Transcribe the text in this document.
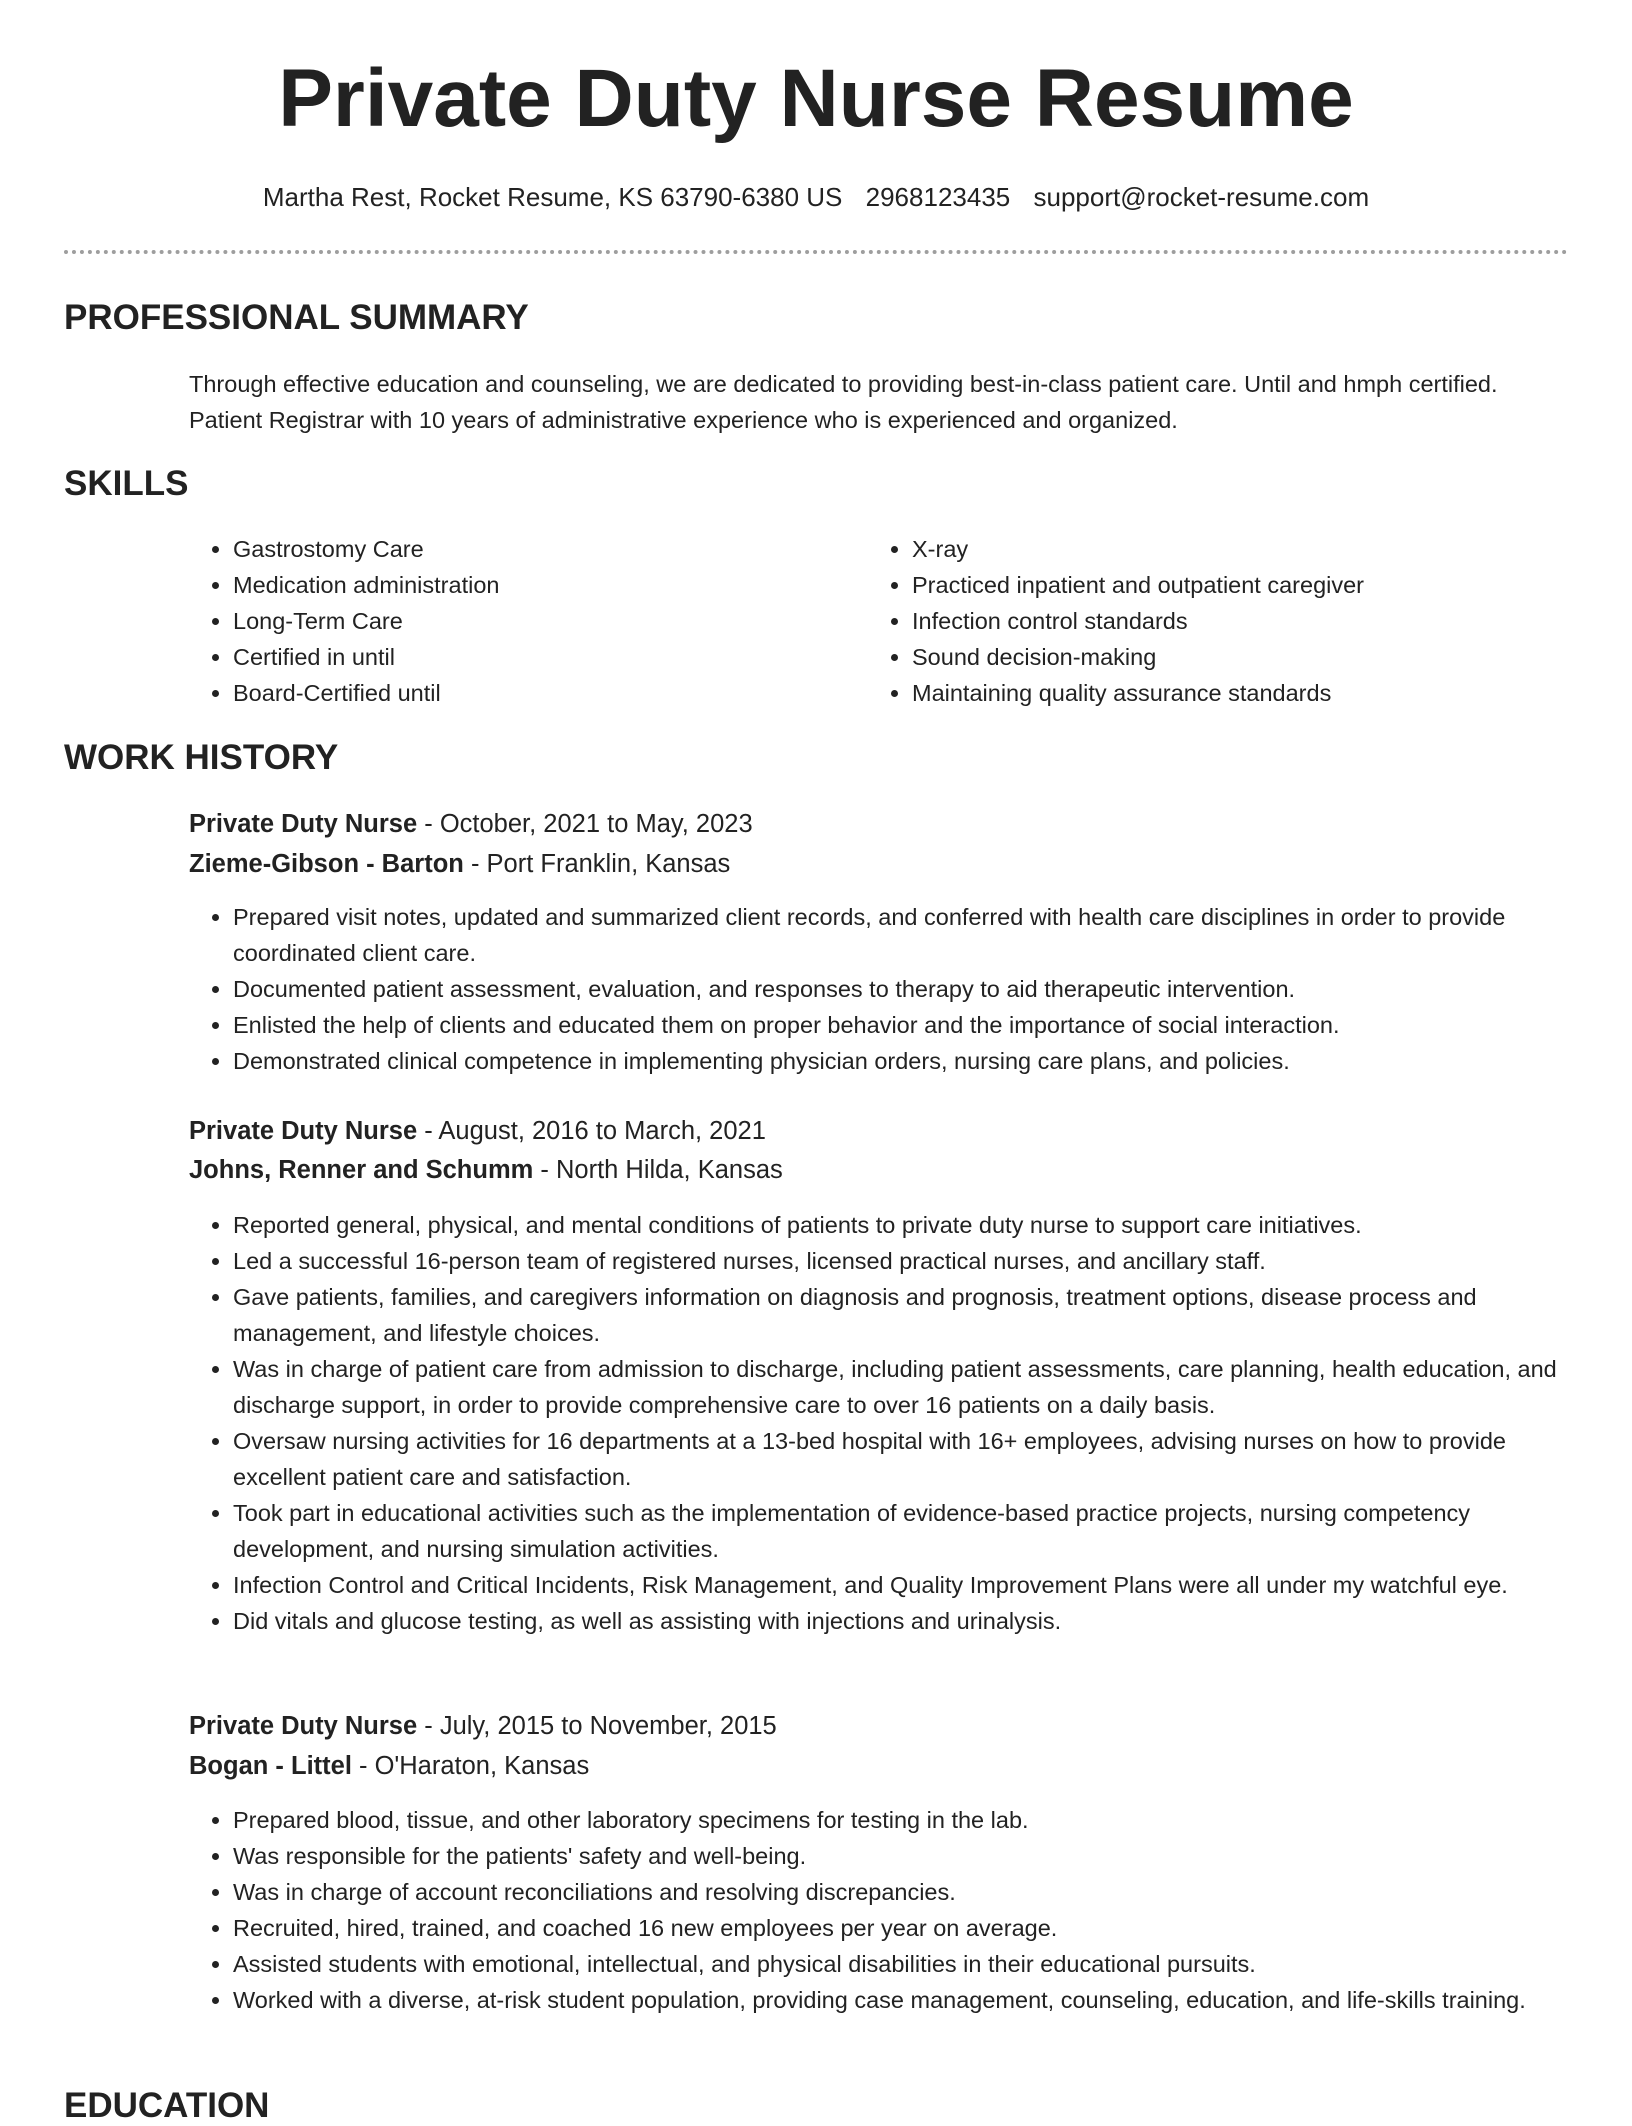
Private Duty Nurse Resume
Martha Rest, Rocket Resume, KS 63790-6380 US 2968123435 support@rocket-resume.com
PROFESSIONAL SUMMARY

Through effective education and counseling, we are dedicated to providing best-in-class patient care. Until and hmph certified. Patient Registrar with 10 years of administrative experience who is experienced and organized.

SKILLS
• Gastrostomy Care
• Medication administration
• Long-Term Care
• Certified in until
• Board-Certified until
• X-ray
• Practiced inpatient and outpatient caregiver
• Infection control standards
• Sound decision-making
• Maintaining quality assurance standards
WORK HISTORY
Private Duty Nurse - October, 2021 to May, 2023
Zieme-Gibson - Barton - Port Franklin, Kansas
• Prepared visit notes, updated and summarized client records, and conferred with health care disciplines in order to provide coordinated client care.
• Documented patient assessment, evaluation, and responses to therapy to aid therapeutic intervention.
• Enlisted the help of clients and educated them on proper behavior and the importance of social interaction.
• Demonstrated clinical competence in implementing physician orders, nursing care plans, and policies.
Private Duty Nurse - August, 2016 to March, 2021
Johns, Renner and Schumm - North Hilda, Kansas
• Reported general, physical, and mental conditions of patients to private duty nurse to support care initiatives.
• Led a successful 16-person team of registered nurses, licensed practical nurses, and ancillary staff.
• Gave patients, families, and caregivers information on diagnosis and prognosis, treatment options, disease process and management, and lifestyle choices.
• Was in charge of patient care from admission to discharge, including patient assessments, care planning, health education, and discharge support, in order to provide comprehensive care to over 16 patients on a daily basis.
• Oversaw nursing activities for 16 departments at a 13-bed hospital with 16+ employees, advising nurses on how to provide excellent patient care and satisfaction.
• Took part in educational activities such as the implementation of evidence-based practice projects, nursing competency development, and nursing simulation activities.
• Infection Control and Critical Incidents, Risk Management, and Quality Improvement Plans were all under my watchful eye.
• Did vitals and glucose testing, as well as assisting with injections and urinalysis.
Private Duty Nurse - July, 2015 to November, 2015
Bogan - Littel - O'Haraton, Kansas
• Prepared blood, tissue, and other laboratory specimens for testing in the lab.
• Was responsible for the patients' safety and well-being.
• Was in charge of account reconciliations and resolving discrepancies.
• Recruited, hired, trained, and coached 16 new employees per year on average.
• Assisted students with emotional, intellectual, and physical disabilities in their educational pursuits.
• Worked with a diverse, at-risk student population, providing case management, counseling, education, and life-skills training.
EDUCATION
